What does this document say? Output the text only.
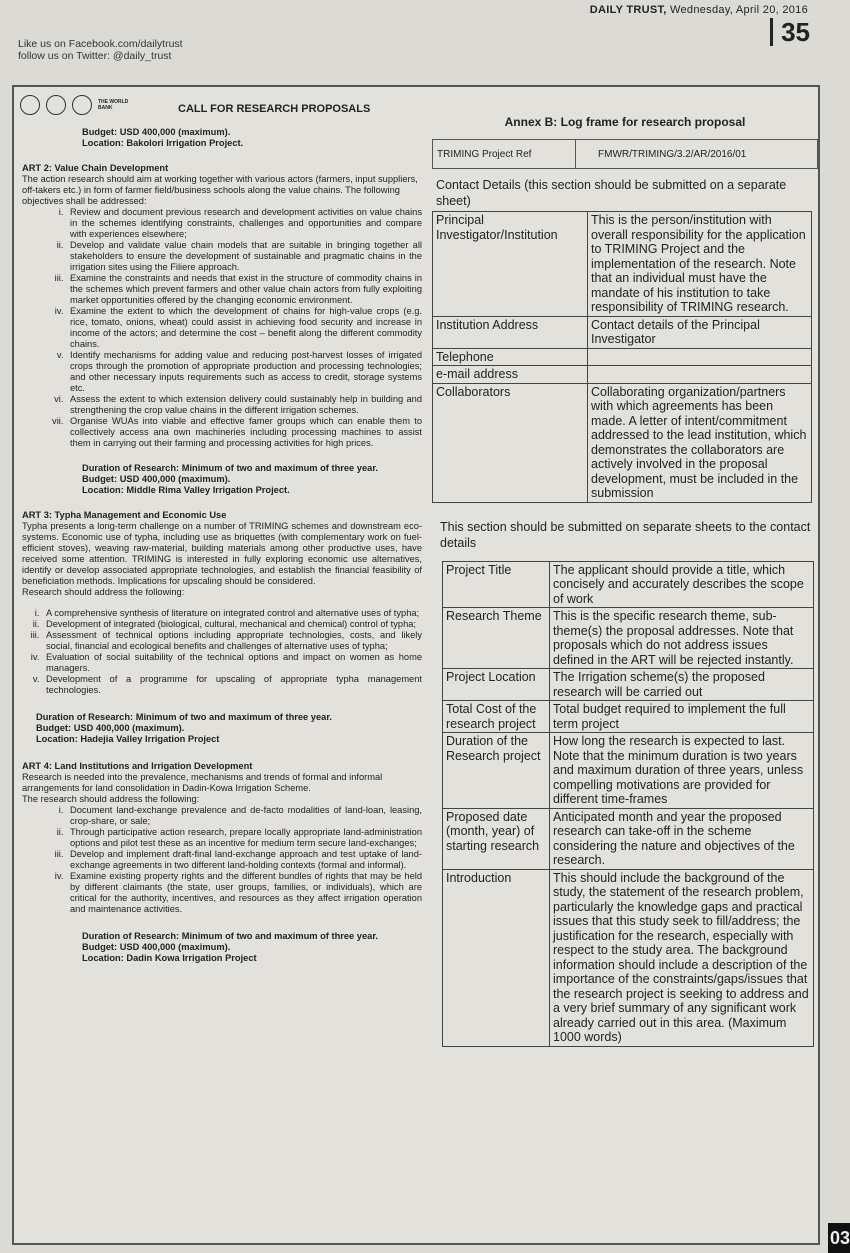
DAILY TRUST, Wednesday, April 20, 2016
35
Like us on Facebook.com/dailytrust
follow us on Twitter: @daily_trust
THE WORLD BANK	CALL FOR RESEARCH PROPOSALS

Budget: USD 400,000 (maximum).

Location: Bakolori Irrigation Project.

ART 2: Value Chain Development

The action research should aim at working together with various actors (farmers, input suppliers, off-takers etc.) in form of farmer field/business schools along the value chains. The following objectives shall be addressed:

i. Review and document previous research and development activities on value chains in the schemes identifying constraints, challenges and opportunities and compare with experiences elsewhere;
ii. Develop and validate value chain models that are suitable in bringing together all stakeholders to ensure the development of sustainable and pragmatic chains in the irrigation sites using the Filiere approach.
iii. Examine the constraints and needs that exist in the structure of commodity chains in the schemes which prevent farmers and other value chain actors from fully exploiting market opportunities offered by the changing economic environment.
iv. Examine the extent to which the development of chains for high-value crops (e.g. rice, tomato, onions, wheat) could assist in achieving food security and increase in income of the actors; and determine the cost – benefit along the different commodity chains.
v. Identify mechanisms for adding value and reducing post-harvest losses of irrigated crops through the promotion of appropriate production and processing technologies; and other necessary inputs requirements such as access to credit, storage systems etc.
vi. Assess the extent to which extension delivery could sustainably help in building and strengthening the crop value chains in the different irrigation schemes.
vii. Organise WUAs into viable and effective famer groups which can enable them to collectively access ana own machineries including processing machines to assist them in carrying out their farming and processing activities for high prices.

Duration of Research: Minimum of two and maximum of three year.

Budget: USD 400,000 (maximum).

Location: Middle Rima Valley Irrigation Project.

ART 3: Typha Management and Economic Use

Typha presents a long-term challenge on a number of TRIMING schemes and downstream eco-systems. Economic use of typha, including use as briquettes (with complementary work on fuel-efficient stoves), weaving raw-material, building materials among other productive uses, have received some attention. TRIMING is interested in fully exploring economic use alternatives, identify or develop associated appropriate technologies, and establish the financial feasibility of beneficiation methods. Implications for upscaling should be considered.

Research should address the following:

i. A comprehensive synthesis of literature on integrated control and alternative uses of typha;
ii. Development of integrated (biological, cultural, mechanical and chemical) control of typha;
iii. Assessment of technical options including appropriate technologies, costs, and likely social, financial and ecological benefits and challenges of alternative uses of typha;
iv. Evaluation of social suitability of the technical options and impact on women as home managers.
v. Development of a programme for upscaling of appropriate typha management technologies.

Duration of Research: Minimum of two and maximum of three year.

Budget: USD 400,000 (maximum).

Location: Hadejia Valley Irrigation Project

ART 4: Land Institutions and Irrigation Development

Research is needed into the prevalence, mechanisms and trends of formal and informal arrangements for land consolidation in Dadin-Kowa Irrigation Scheme.

The research should address the following:

i. Document land-exchange prevalence and de-facto modalities of land-loan, leasing, crop-share, or sale;
ii. Through participative action research, prepare locally appropriate land-administration options and pilot test these as an incentive for medium term secure land-exchanges;
iii. Develop and implement draft-final land-exchange approach and test uptake of land-exchange agreements in two different land-holding contexts (formal and informal).
iv. Examine existing property rights and the different bundles of rights that may be held by different claimants (the state, user groups, families, or individuals), which are critical for the authority, incentives, and resources as they affect irrigation operation and maintenance activities.

Duration of Research: Minimum of two and maximum of three year.

Budget: USD 400,000 (maximum).

Location: Dadin Kowa Irrigation Project

Annex B: Log frame for research proposal
TRIMING Project Ref	FMWR/TRIMING/3.2/AR/2016/01
Contact Details (this section should be submitted on a separate sheet)
Principal Investigator/Institution	This is the person/institution with overall responsibility for the application to TRIMING Project and the implementation of the research. Note that an individual must have the mandate of his institution to take responsibility of TRIMING research.
Institution Address	Contact details of the Principal Investigator
Telephone	
e-mail address	
Collaborators	Collaborating organization/partners with which agreements has been made. A letter of intent/commitment addressed to the lead institution, which demonstrates the collaborators are actively involved in the proposal development, must be included in the submission
This section should be submitted on separate sheets to the contact details
Project Title	The applicant should provide a title, which concisely and accurately describes the scope of work
Research Theme	This is the specific research theme, sub-theme(s) the proposal addresses. Note that proposals which do not address issues defined in the ART will be rejected instantly.
Project Location	The Irrigation scheme(s) the proposed research will be carried out
Total Cost of the research project	Total budget required to implement the full term project
Duration of the Research project	How long the research is expected to last. Note that the minimum duration is two years and maximum duration of three years, unless compelling motivations are provided for different time-frames
Proposed date (month, year) of starting research	Anticipated month and year the proposed research can take-off in the scheme considering the nature and objectives of the research.
Introduction	This should include the background of the study, the statement of the research problem, particularly the knowledge gaps and practical issues that this study seek to fill/address; the justification for the research, especially with respect to the study area. The background information should include a description of the importance of the constraints/gaps/issues that the research project is seeking to address and a very brief summary of any significant work already carried out in this area. (Maximum 1000 words)
03
